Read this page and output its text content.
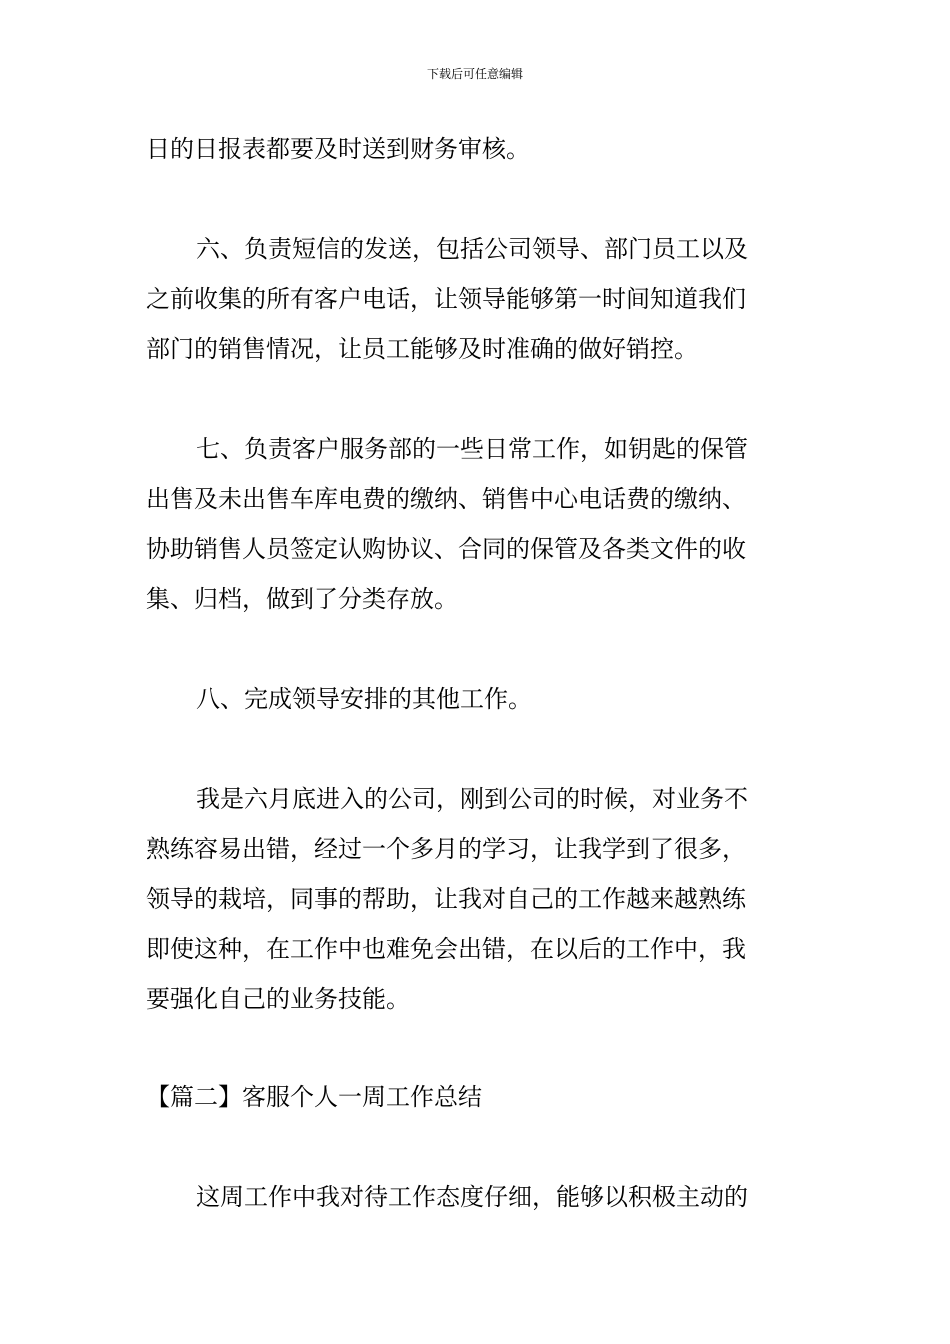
下载后可任意编辑
日的日报表都要及时送到财务审核。
六、负责短信的发送，包括公司领导、部门员工以及
之前收集的所有客户电话，让领导能够第一时间知道我们
部门的销售情况，让员工能够及时准确的做好销控。
七、负责客户服务部的一些日常工作，如钥匙的保管
出售及未出售车库电费的缴纳、销售中心电话费的缴纳、
协助销售人员签定认购协议、合同的保管及各类文件的收
集、归档，做到了分类存放。
八、完成领导安排的其他工作。
我是六月底进入的公司，刚到公司的时候，对业务不
熟练容易出错，经过一个多月的学习，让我学到了很多，
领导的栽培，同事的帮助，让我对自己的工作越来越熟练
即使这种，在工作中也难免会出错，在以后的工作中，我
要强化自己的业务技能。
【篇二】客服个人一周工作总结
这周工作中我对待工作态度仔细，能够以积极主动的
